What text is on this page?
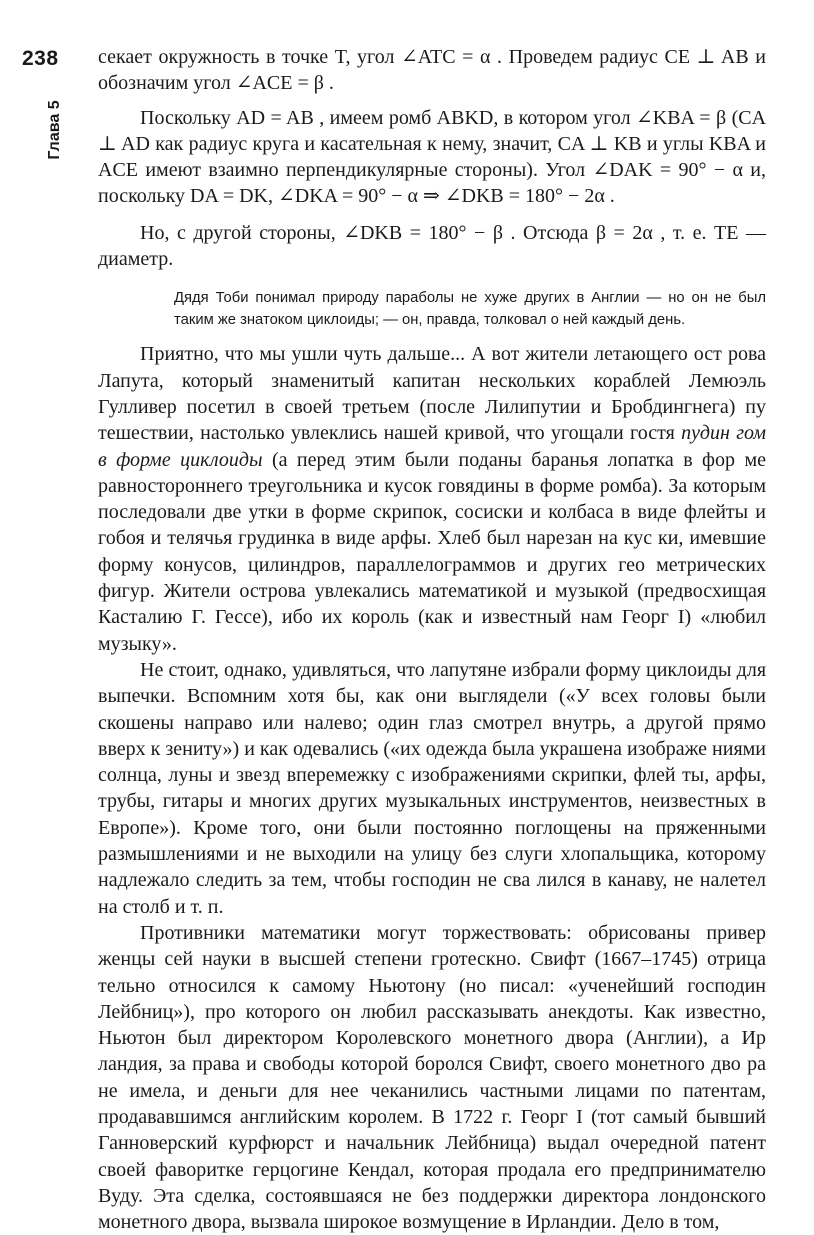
238
Глава 5

секает окружность в точке T, угол ∠ATC = α . Проведем радиус CE ⊥ AB и обозначим угол ∠ACE = β .

Поскольку AD = AB , имеем ромб ABKD, в котором угол ∠KBA = β (CA ⊥ AD как радиус круга и касательная к нему, значит, CA ⊥ KB и углы KBA и ACE имеют взаимно перпендикулярные стороны). Угол ∠DAK = 90° − α и, поскольку DA = DK, ∠DKA = 90° − α ⇒ ∠DKB = 180° − 2α .

Но, с другой стороны, ∠DKB = 180° − β . Отсюда β = 2α , т. е. TE — диаметр.

Дядя Тоби понимал природу параболы не хуже других в Англии — но он не был таким же знатоком циклоиды; — он, правда, толковал о ней каждый день.

Приятно, что мы ушли чуть дальше... А вот жители летающего ост рова Лапута, который знаменитый капитан нескольких кораблей Лемюэль Гулливер посетил в своей третьем (после Лилипутии и Бробдингнега) пу тешествии, настолько увлеклись нашей кривой, что угощали гостя пудин гом в форме циклоиды (а перед этим были поданы баранья лопатка в фор ме равностороннего треугольника и кусок говядины в форме ромба). За которым последовали две утки в форме скрипок, сосиски и колбаса в виде флейты и гобоя и телячья грудинка в виде арфы. Хлеб был нарезан на кус ки, имевшие форму конусов, цилиндров, параллелограммов и других гео метрических фигур. Жители острова увлекались математикой и музыкой (предвосхищая Касталию Г. Гессе), ибо их король (как и известный нам Георг I) «любил музыку».

Не стоит, однако, удивляться, что лапутяне избрали форму циклоиды для выпечки. Вспомним хотя бы, как они выглядели («У всех головы были скошены направо или налево; один глаз смотрел внутрь, а другой прямо вверх к зениту») и как одевались («их одежда была украшена изображе ниями солнца, луны и звезд вперемежку с изображениями скрипки, флей ты, арфы, трубы, гитары и многих других музыкальных инструментов, неизвестных в Европе»). Кроме того, они были постоянно поглощены на пряженными размышлениями и не выходили на улицу без слуги хлопальщика, которому надлежало следить за тем, чтобы господин не сва лился в канаву, не налетел на столб и т. п.

Противники математики могут торжествовать: обрисованы привер женцы сей науки в высшей степени гротескно. Свифт (1667–1745) отрица тельно относился к самому Ньютону (но писал: «ученейший господин Лейбниц»), про которого он любил рассказывать анекдоты. Как известно, Ньютон был директором Королевского монетного двора (Англии), а Ир ландия, за права и свободы которой боролся Свифт, своего монетного дво ра не имела, и деньги для нее чеканились частными лицами по патентам, продававшимся английским королем. В 1722 г. Георг I (тот самый бывший Ганноверский курфюрст и начальник Лейбница) выдал очередной патент своей фаворитке герцогине Кендал, которая продала его предпринимателю Вуду. Эта сделка, состоявшаяся не без поддержки директора лондонского монетного двора, вызвала широкое возмущение в Ирландии. Дело в том,
